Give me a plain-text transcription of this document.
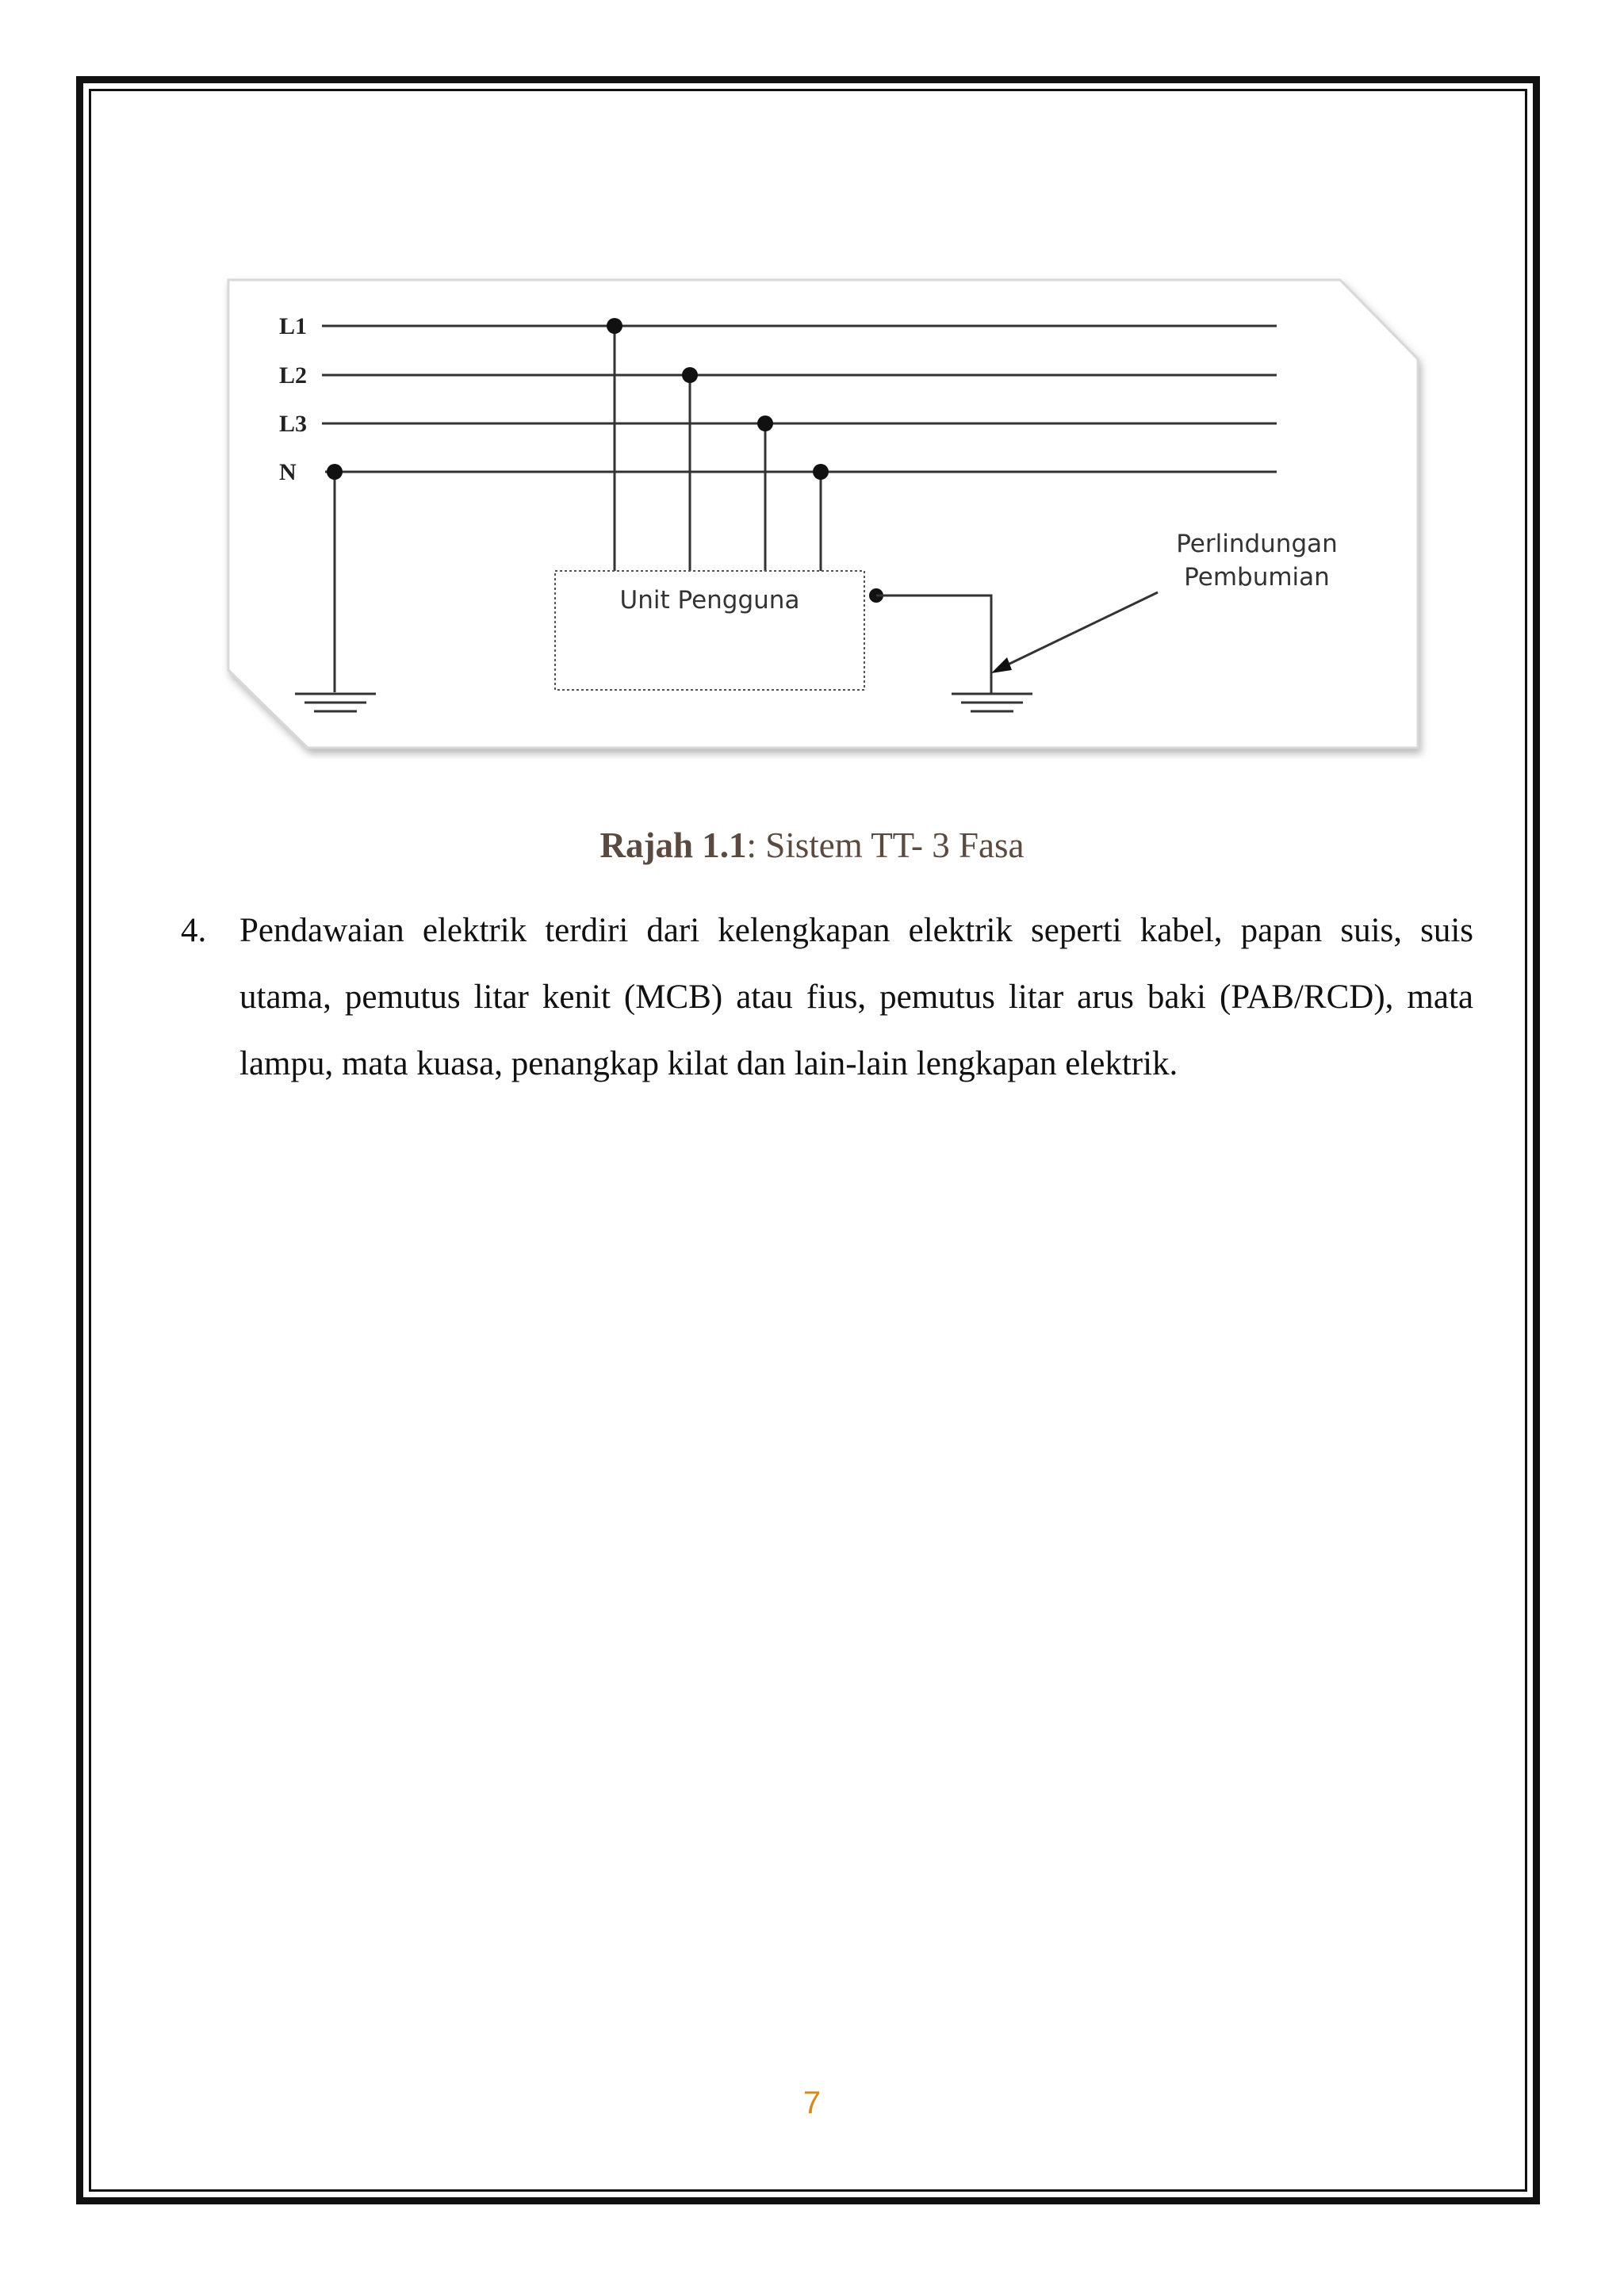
L1
L2
L3
N
Unit Pengguna
Perlindungan
Pembumian
Rajah 1.1: Sistem TT- 3 Fasa
4. Pendawaian elektrik terdiri dari kelengkapan elektrik seperti kabel, papan suis, suis utama, pemutus litar kenit (MCB) atau fius, pemutus litar arus baki (PAB/RCD), mata lampu, mata kuasa, penangkap kilat dan lain-lain lengkapan elektrik.
7
